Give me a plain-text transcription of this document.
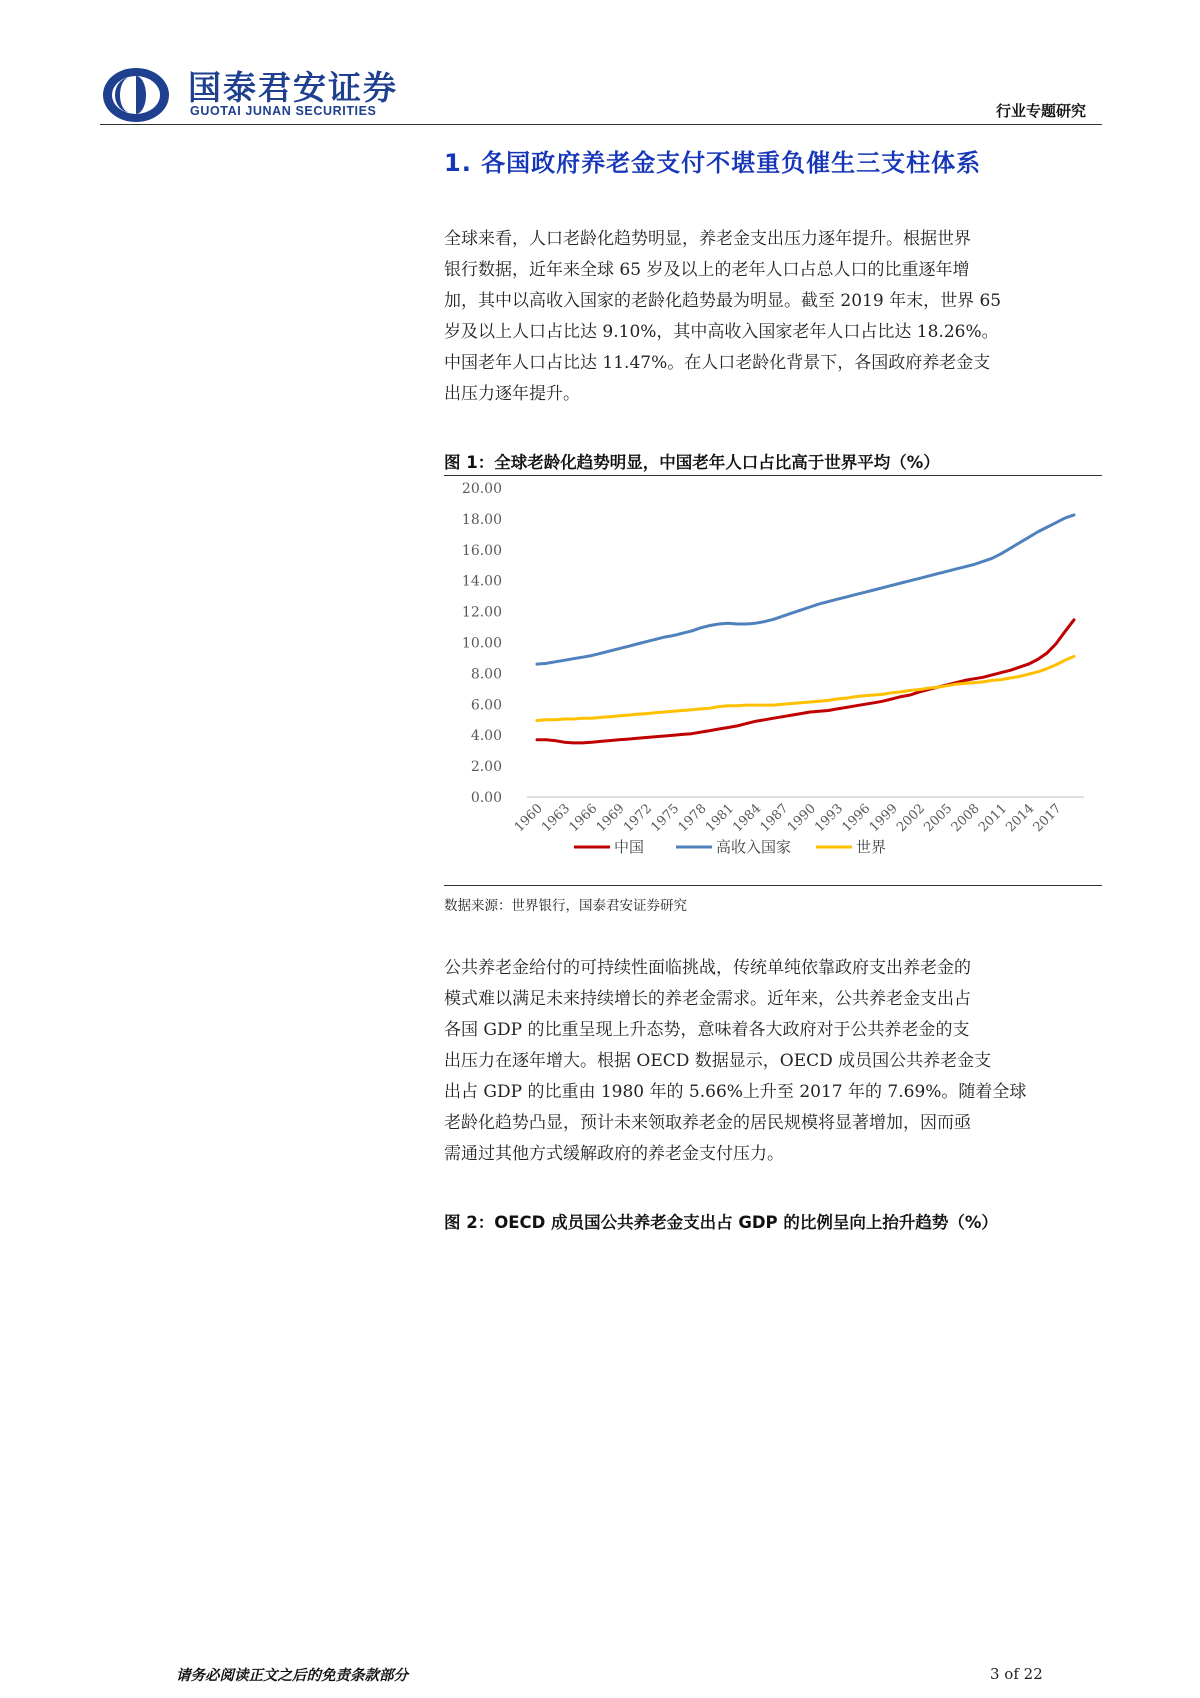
国泰君安证券
GUOTAI JUNAN SECURITIES	行业专题研究
1. 各国政府养老金支付不堪重负催生三支柱体系
全球来看，人口老龄化趋势明显，养老金支出压力逐年提升。根据世界
银行数据，近年来全球 65 岁及以上的老年人口占总人口的比重逐年增
加，其中以高收入国家的老龄化趋势最为明显。截至 2019 年末，世界 65
岁及以上人口占比达 9.10%，其中高收入国家老年人口占比达 18.26%。
中国老年人口占比达 11.47%。在人口老龄化背景下，各国政府养老金支
出压力逐年提升。
图 1：全球老龄化趋势明显，中国老年人口占比高于世界平均（%）
0.00
2.00
4.00
6.00
8.00
10.00
12.00
14.00
16.00
18.00
20.00
1960
1963
1966
1969
1972
1975
1978
1981
1984
1987
1990
1993
1996
1999
2002
2005
2008
2011
2014
2017
中国	高收入国家	世界
数据来源：世界银行，国泰君安证券研究
公共养老金给付的可持续性面临挑战，传统单纯依靠政府支出养老金的
模式难以满足未来持续增长的养老金需求。近年来，公共养老金支出占
各国 GDP 的比重呈现上升态势，意味着各大政府对于公共养老金的支
出压力在逐年增大。根据 OECD 数据显示，OECD 成员国公共养老金支
出占 GDP 的比重由 1980 年的 5.66%上升至 2017 年的 7.69%。随着全球
老龄化趋势凸显，预计未来领取养老金的居民规模将显著增加，因而亟
需通过其他方式缓解政府的养老金支付压力。
图 2：OECD 成员国公共养老金支出占 GDP 的比例呈向上抬升趋势（%）
请务必阅读正文之后的免责条款部分	3 of 22
